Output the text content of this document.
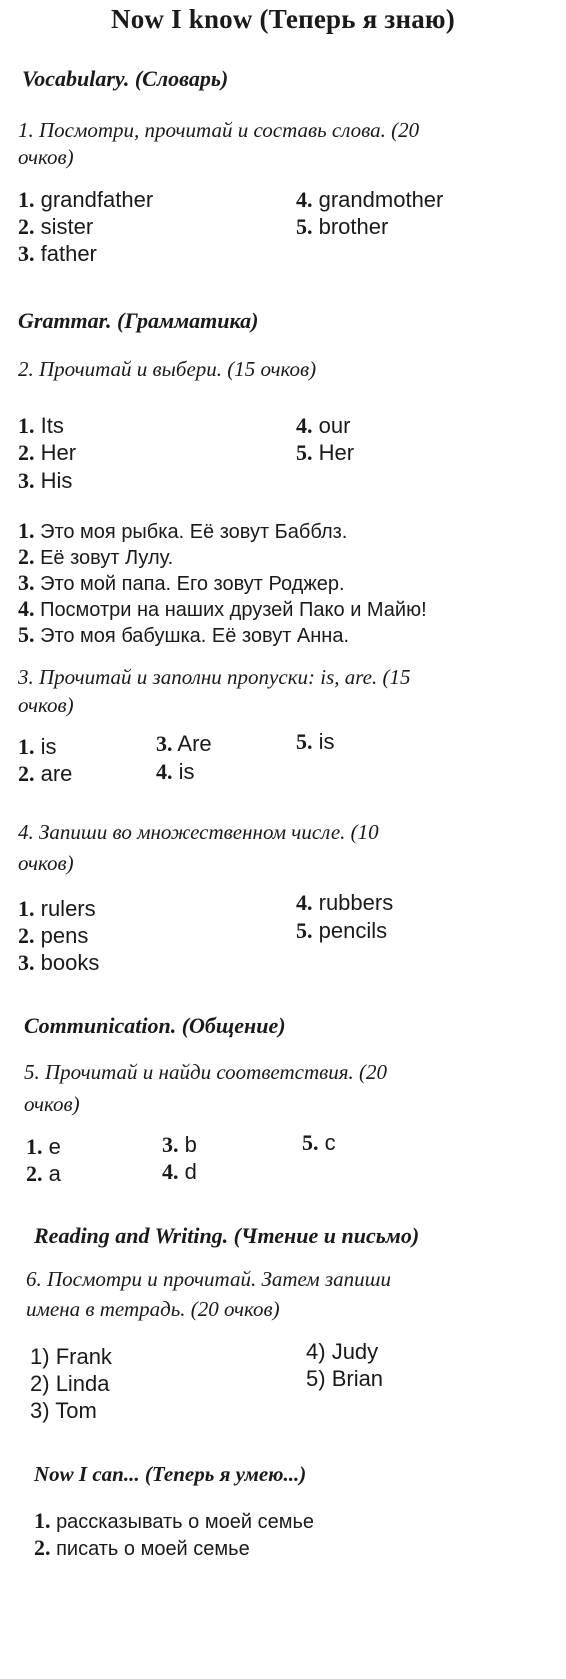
Now I know (Теперь я знаю)
Vocabulary. (Словарь)
1. Посмотри, прочитай и составь слова. (20
очков)
1. grandfather
2. sister
3. father
4. grandmother
5. brother
Grammar. (Грамматика)
2. Прочитай и выбери. (15 очков)
1. Its
2. Her
3. His
4. our
5. Her
1. Это моя рыбка. Её зовут Бабблз.
2. Её зовут Лулу.
3. Это мой папа. Его зовут Роджер.
4. Посмотри на наших друзей Пако и Майю!
5. Это моя бабушка. Её зовут Анна.
3. Прочитай и заполни пропуски: is, are. (15
очков)
1. is
2. are
3. Are
4. is
5. is
4. Запиши во множественном числе. (10
очков)
1. rulers
2. pens
3. books
4. rubbers
5. pencils
Communication. (Общение)
5. Прочитай и найди соответствия. (20
очков)
1. e
2. a
3. b
4. d
5. c
Reading and Writing. (Чтение и письмо)
6. Посмотри и прочитай. Затем запиши
имена в тетрадь. (20 очков)
1) Frank
2) Linda
3) Tom
4) Judy
5) Brian
Now I can... (Теперь я умею...)
1. рассказывать о моей семье
2. писать о моей семье
